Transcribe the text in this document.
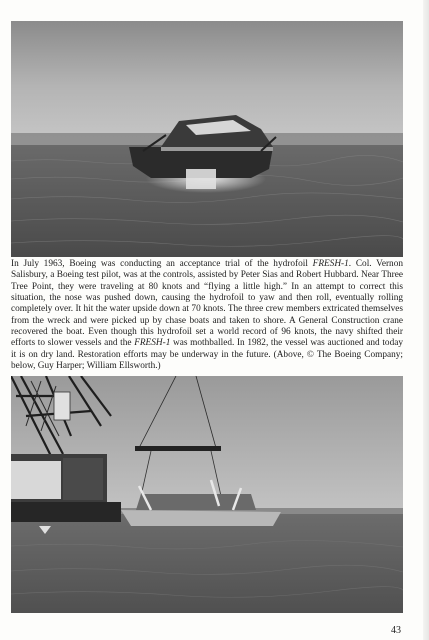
In July 1963, Boeing was conducting an acceptance trial of the hydrofoil FRESH-1. Col. Vernon Salisbury, a Boeing test pilot, was at the controls, assisted by Peter Sias and Robert Hubbard. Near Three Tree Point, they were traveling at 80 knots and “flying a little high.” In an attempt to correct this situation, the nose was pushed down, causing the hydrofoil to yaw and then roll, eventually rolling completely over. It hit the water upside down at 70 knots. The three crew members extricated themselves from the wreck and were picked up by chase boats and taken to shore. A General Construction crane recovered the boat. Even though this hydrofoil set a world record of 96 knots, the navy shifted their efforts to slower vessels and the FRESH-1 was mothballed. In 1982, the vessel was auctioned and today it is on dry land. Restoration efforts may be underway in the future. (Above, © The Boeing Company; below, Guy Harper; William Ellsworth.)

43
